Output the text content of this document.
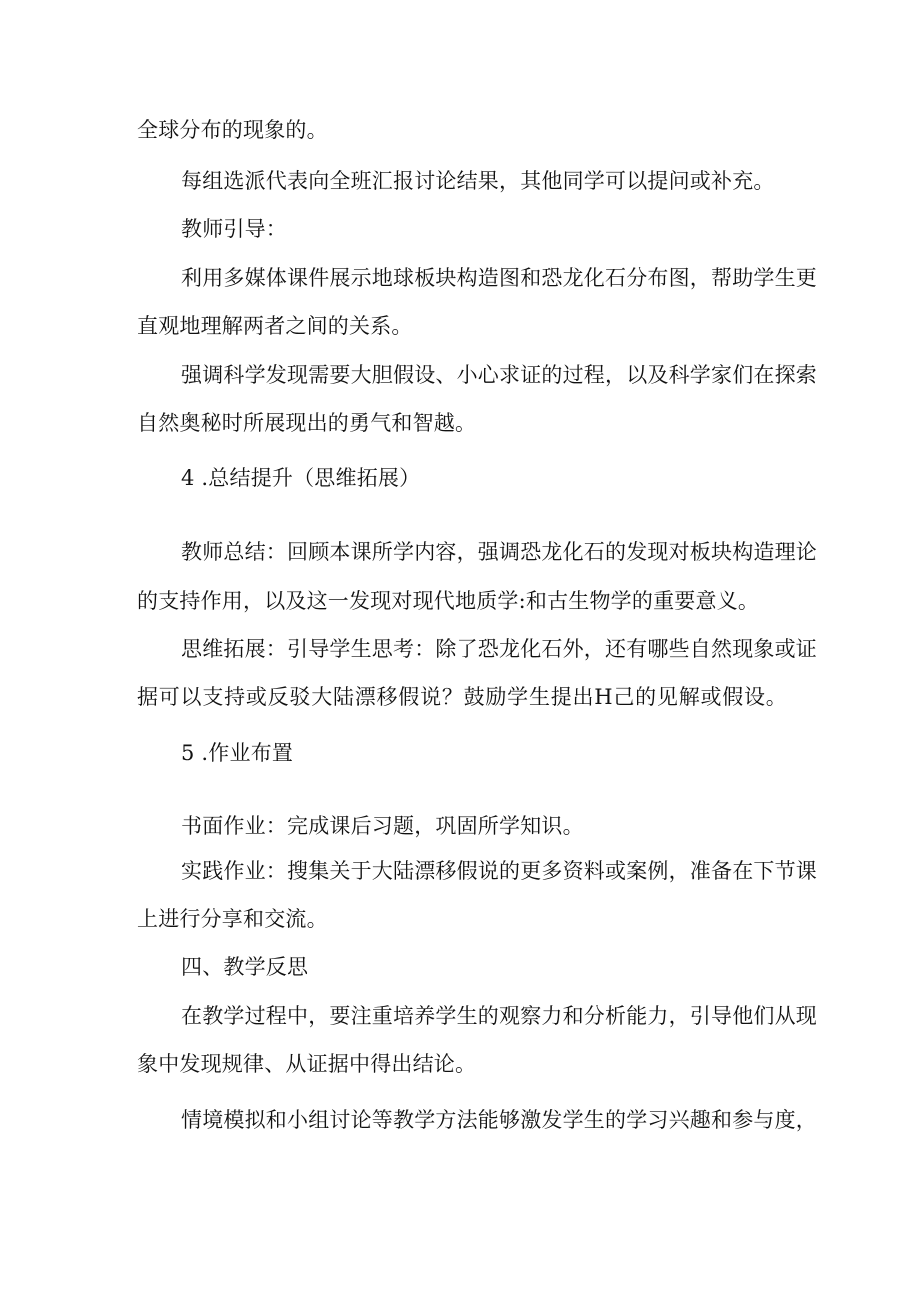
全球分布的现象的。
每组选派代表向全班汇报讨论结果，其他同学可以提问或补充。
教师引导：
利用多媒体课件展示地球板块构造图和恐龙化石分布图，帮助学生更
直观地理解两者之间的关系。
强调科学发现需要大胆假设、小心求证的过程，以及科学家们在探索
自然奥秘时所展现出的勇气和智越。
4 .总结提升（思维拓展）
教师总结：回顾本课所学内容，强调恐龙化石的发现对板块构造理论
的支持作用，以及这一发现对现代地质学:和古生物学的重要意义。
思维拓展：引导学生思考：除了恐龙化石外，还有哪些自然现象或证
据可以支持或反驳大陆漂移假说？鼓励学生提出H己的见解或假设。
5 .作业布置
书面作业：完成课后习题，巩固所学知识。
实践作业：搜集关于大陆漂移假说的更多资料或案例，准备在下节课
上进行分享和交流。
四、教学反思
在教学过程中，要注重培养学生的观察力和分析能力，引导他们从现
象中发现规律、从证据中得出结论。
情境模拟和小组讨论等教学方法能够激发学生的学习兴趣和参与度，
